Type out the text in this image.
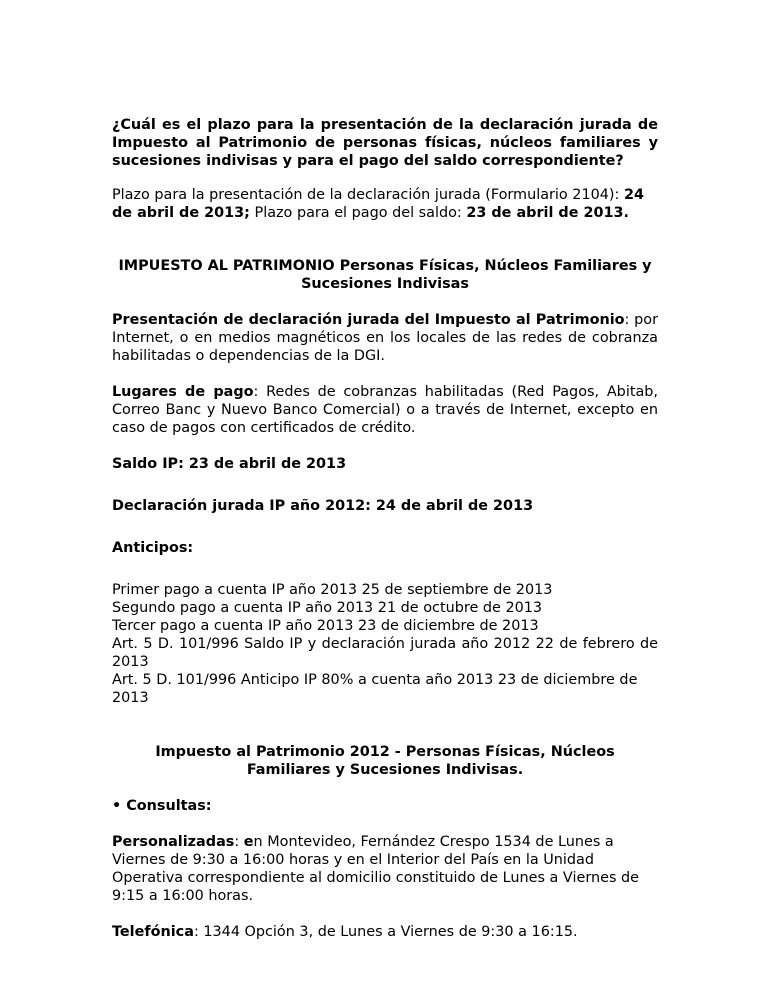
¿Cuál es el plazo para la presentación de la declaración jurada de Impuesto al Patrimonio de personas físicas, núcleos familiares y sucesiones indivisas y para el pago del saldo correspondiente?

Plazo para la presentación de la declaración jurada (Formulario 2104): 24 de abril de 2013; Plazo para el pago del saldo: 23 de abril de 2013.

IMPUESTO AL PATRIMONIO Personas Físicas, Núcleos Familiares y Sucesiones Indivisas

Presentación de declaración jurada del Impuesto al Patrimonio: por Internet, o en medios magnéticos en los locales de las redes de cobranza habilitadas o dependencias de la DGI.

Lugares de pago: Redes de cobranzas habilitadas (Red Pagos, Abitab, Correo Banc y Nuevo Banco Comercial) o a través de Internet, excepto en caso de pagos con certificados de crédito.

Saldo IP: 23 de abril de 2013

Declaración jurada IP año 2012: 24 de abril de 2013

Anticipos:

Primer pago a cuenta IP año 2013 25 de septiembre de 2013
Segundo pago a cuenta IP año 2013 21 de octubre de 2013
Tercer pago a cuenta IP año 2013 23 de diciembre de 2013
Art. 5 D. 101/996 Saldo IP y declaración jurada año 2012 22 de febrero de 2013
Art. 5 D. 101/996 Anticipo IP 80% a cuenta año 2013 23 de diciembre de 2013

Impuesto al Patrimonio 2012 - Personas Físicas, Núcleos Familiares y Sucesiones Indivisas.

• Consultas:

Personalizadas: en Montevideo, Fernández Crespo 1534 de Lunes a Viernes de 9:30 a 16:00 horas y en el Interior del País en la Unidad Operativa correspondiente al domicilio constituido de Lunes a Viernes de 9:15 a 16:00 horas.

Telefónica: 1344 Opción 3, de Lunes a Viernes de 9:30 a 16:15.
